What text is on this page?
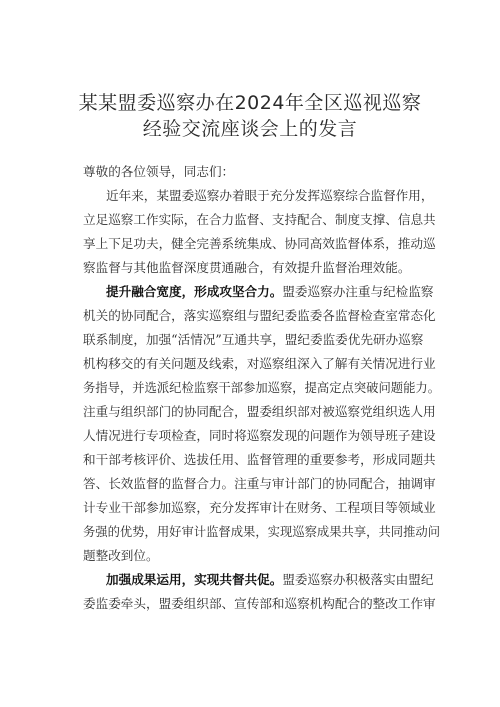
某某盟委巡察办在2024年全区巡视巡察
经验交流座谈会上的发言
尊敬的各位领导，同志们：
近年来，某盟委巡察办着眼于充分发挥巡察综合监督作用，
立足巡察工作实际，在合力监督、支持配合、制度支撑、信息共
享上下足功夫，健全完善系统集成、协同高效监督体系，推动巡
察监督与其他监督深度贯通融合，有效提升监督治理效能。
提升融合宽度，形成攻坚合力。盟委巡察办注重与纪检监察
机关的协同配合，落实巡察组与盟纪委监委各监督检查室常态化
联系制度，加强“活情况”互通共享，盟纪委监委优先研办巡察
机构移交的有关问题及线索，对巡察组深入了解有关情况进行业
务指导，并选派纪检监察干部参加巡察，提高定点突破问题能力。
注重与组织部门的协同配合，盟委组织部对被巡察党组织选人用
人情况进行专项检查，同时将巡察发现的问题作为领导班子建设
和干部考核评价、选拔任用、监督管理的重要参考，形成同题共
答、长效监督的监督合力。注重与审计部门的协同配合，抽调审
计专业干部参加巡察，充分发挥审计在财务、工程项目等领域业
务强的优势，用好审计监督成果，实现巡察成果共享，共同推动问
题整改到位。
加强成果运用，实现共督共促。盟委巡察办积极落实由盟纪
委监委牵头，盟委组织部、宣传部和巡察机构配合的整改工作审
